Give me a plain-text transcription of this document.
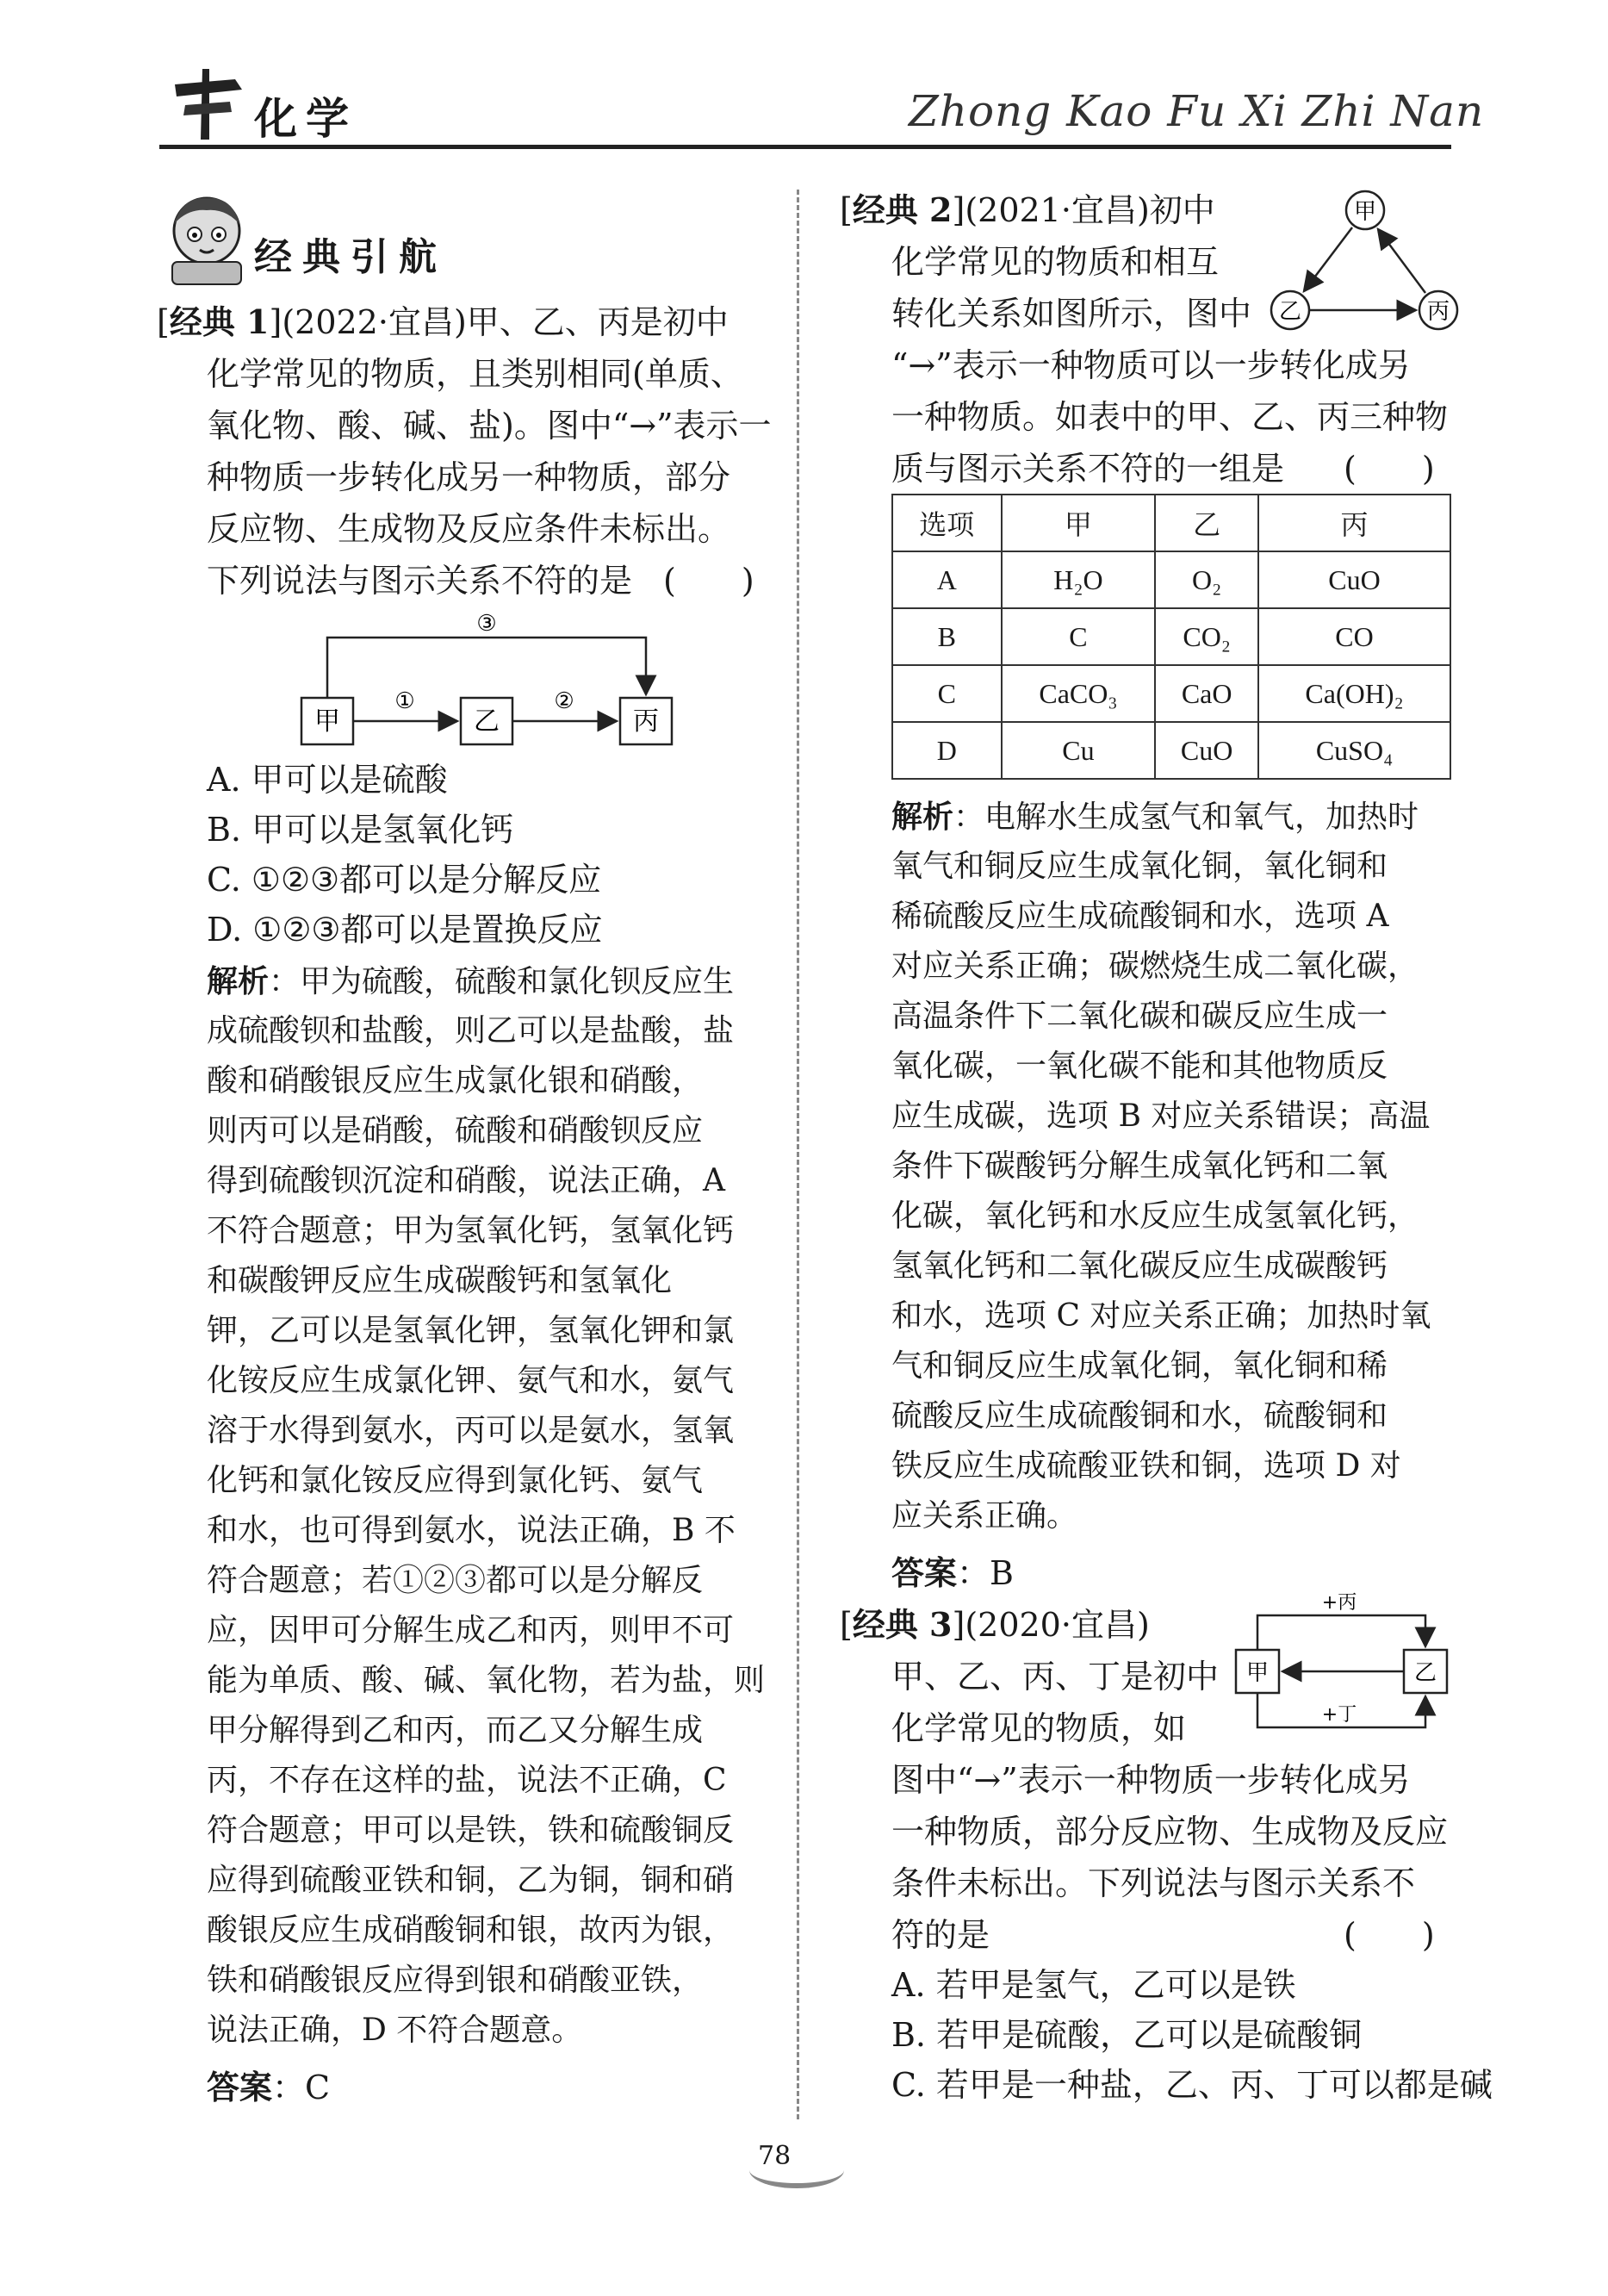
化学	Zhong Kao Fu Xi Zhi Nan
经典引航
[经典 1](2022·宜昌)甲、乙、丙是初中
化学常见的物质，且类别相同(单质、
氧化物、酸、碱、盐)。图中“→”表示一
种物质一步转化成另一种物质，部分
反应物、生成物及反应条件未标出。
下列说法与图示关系不符的是 (　　)
甲	乙	丙
①	②
③
A. 甲可以是硫酸
B. 甲可以是氢氧化钙
C. ①②③都可以是分解反应
D. ①②③都可以是置换反应
解析：甲为硫酸，硫酸和氯化钡反应生
成硫酸钡和盐酸，则乙可以是盐酸，盐
酸和硝酸银反应生成氯化银和硝酸，
则丙可以是硝酸，硫酸和硝酸钡反应
得到硫酸钡沉淀和硝酸，说法正确，A
不符合题意；甲为氢氧化钙，氢氧化钙
和碳酸钾反应生成碳酸钙和氢氧化
钾，乙可以是氢氧化钾，氢氧化钾和氯
化铵反应生成氯化钾、氨气和水，氨气
溶于水得到氨水，丙可以是氨水，氢氧
化钙和氯化铵反应得到氯化钙、氨气
和水，也可得到氨水，说法正确，B 不
符合题意；若①②③都可以是分解反
应，因甲可分解生成乙和丙，则甲不可
能为单质、酸、碱、氧化物，若为盐，则
甲分解得到乙和丙，而乙又分解生成
丙，不存在这样的盐，说法不正确，C
符合题意；甲可以是铁，铁和硫酸铜反
应得到硫酸亚铁和铜，乙为铜，铜和硝
酸银反应生成硝酸铜和银，故丙为银，
铁和硝酸银反应得到银和硝酸亚铁，
说法正确，D 不符合题意。
答案：C
[经典 2](2021·宜昌)初中
化学常见的物质和相互
转化关系如图所示，图中
“→”表示一种物质可以一步转化成另
一种物质。如表中的甲、乙、丙三种物
质与图示关系不符的一组是 (　　)
甲
乙	丙
选项	甲	乙	丙
A	H₂O	O₂	CuO
B	C	CO₂	CO
C	CaCO₃	CaO	Ca(OH)₂
D	Cu	CuO	CuSO₄
解析：电解水生成氢气和氧气，加热时
氧气和铜反应生成氧化铜，氧化铜和
稀硫酸反应生成硫酸铜和水，选项 A
对应关系正确；碳燃烧生成二氧化碳，
高温条件下二氧化碳和碳反应生成一
氧化碳，一氧化碳不能和其他物质反
应生成碳，选项 B 对应关系错误；高温
条件下碳酸钙分解生成氧化钙和二氧
化碳，氧化钙和水反应生成氢氧化钙，
氢氧化钙和二氧化碳反应生成碳酸钙
和水，选项 C 对应关系正确；加热时氧
气和铜反应生成氧化铜，氧化铜和稀
硫酸反应生成硫酸铜和水，硫酸铜和
铁反应生成硫酸亚铁和铜，选项 D 对
应关系正确。
答案：B
[经典 3](2020·宜昌)
甲、乙、丙、丁是初中
化学常见的物质，如
图中“→”表示一种物质一步转化成另
一种物质，部分反应物、生成物及反应
条件未标出。下列说法与图示关系不
符的是	(　　)
甲	乙
+丙
+丁
A. 若甲是氢气，乙可以是铁
B. 若甲是硫酸，乙可以是硫酸铜
C. 若甲是一种盐，乙、丙、丁可以都是碱
78
